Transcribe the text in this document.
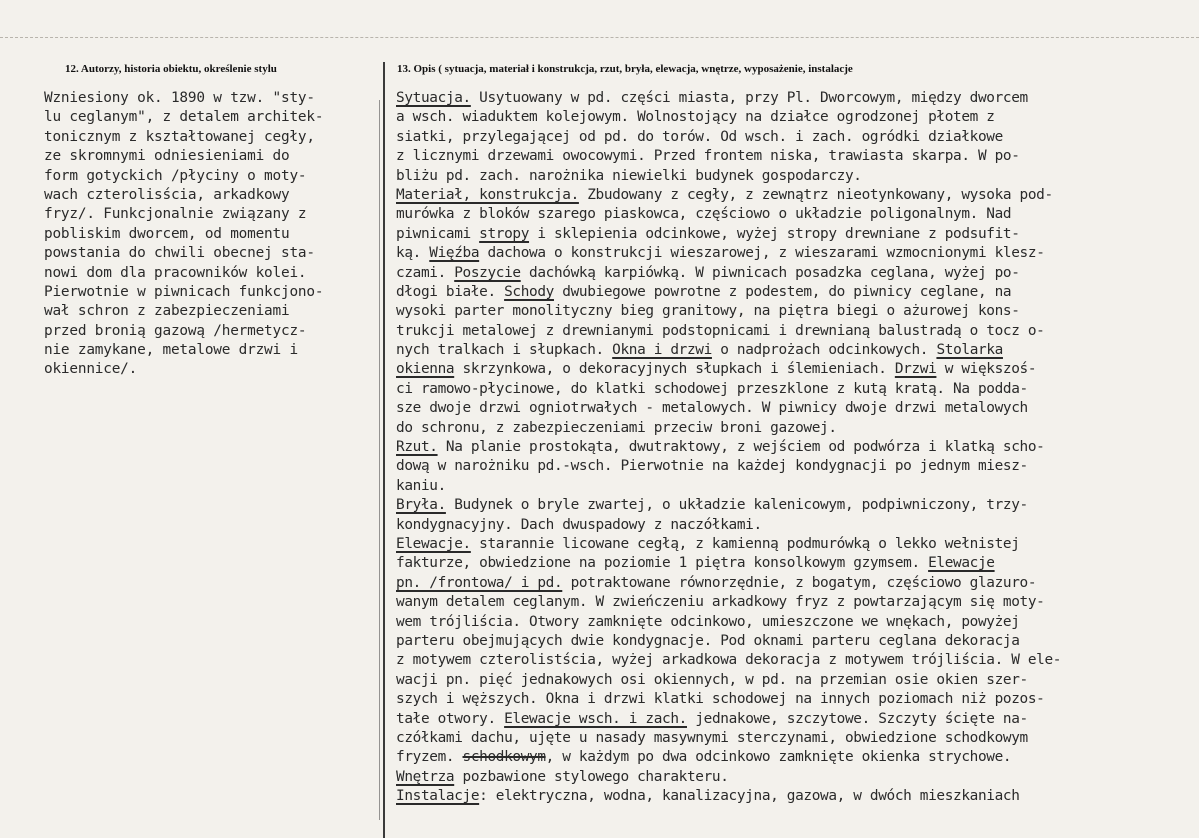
12. Autorzy, historia obiektu, określenie stylu	13. Opis ( sytuacja, materiał i konstrukcja, rzut, bryła, elewacja, wnętrze, wyposażenie, instalacje
Wzniesiony ok. 1890 w tzw. "sty-
lu ceglanym", z detalem architek-
tonicznym z kształtowanej cegły,
ze skromnymi odniesieniami do
form gotyckich /płyciny o moty-
wach czterolisścia, arkadkowy
fryz/. Funkcjonalnie związany z
pobliskim dworcem, od momentu
powstania do chwili obecnej sta-
nowi dom dla pracowników kolei.
Pierwotnie w piwnicach funkcjono-
wał schron z zabezpieczeniami
przed bronią gazową /hermetycz-
nie zamykane, metalowe drzwi i
okiennice/.
Sytuacja. Usytuowany w pd. części miasta, przy Pl. Dworcowym, między dworcem
a wsch. wiaduktem kolejowym. Wolnostojący na działce ogrodzonej płotem z
siatki, przylegającej od pd. do torów. Od wsch. i zach. ogródki działkowe
z licznymi drzewami owocowymi. Przed frontem niska, trawiasta skarpa. W po-
bliżu pd. zach. narożnika niewielki budynek gospodarczy.
Materiał, konstrukcja. Zbudowany z cegły, z zewnątrz nieotynkowany, wysoka pod-
murówka z bloków szarego piaskowca, częściowo o układzie poligonalnym. Nad
piwnicami stropy i sklepienia odcinkowe, wyżej stropy drewniane z podsufit-
ką. Więźba dachowa o konstrukcji wieszarowej, z wieszarami wzmocnionymi klesz-
czami. Poszycie dachówką karpiówką. W piwnicach posadzka ceglana, wyżej po-
dłogi białe. Schody dwubiegowe powrotne z podestem, do piwnicy ceglane, na
wysoki parter monolityczny bieg granitowy, na piętra biegi o ażurowej kons-
trukcji metalowej z drewnianymi podstopnicami i drewnianą balustradą o tocz o-
nych tralkach i słupkach. Okna i drzwi o nadprożach odcinkowych. Stolarka
okienna skrzynkowa, o dekoracyjnych słupkach i ślemieniach. Drzwi w większoś-
ci ramowo-płycinowe, do klatki schodowej przeszklone z kutą kratą. Na podda-
sze dwoje drzwi ogniotrwałych - metalowych. W piwnicy dwoje drzwi metalowych
do schronu, z zabezpieczeniami przeciw broni gazowej.
Rzut. Na planie prostokąta, dwutraktowy, z wejściem od podwórza i klatką scho-
dową w narożniku pd.-wsch. Pierwotnie na każdej kondygnacji po jednym miesz-
kaniu.
Bryła. Budynek o bryle zwartej, o układzie kalenicowym, podpiwniczony, trzy-
kondygnacyjny. Dach dwuspadowy z naczółkami.
Elewacje. starannie licowane cegłą, z kamienną podmurówką o lekko wełnistej
fakturze, obwiedzione na poziomie 1 piętra konsolkowym gzymsem. Elewacje
pn. /frontowa/ i pd. potraktowane równorzędnie, z bogatym, częściowo glazuro-
wanym detalem ceglanym. W zwieńczeniu arkadkowy fryz z powtarzającym się moty-
wem trójliścia. Otwory zamknięte odcinkowo, umieszczone we wnękach, powyżej
parteru obejmujących dwie kondygnacje. Pod oknami parteru ceglana dekoracja
z motywem czterolistścia, wyżej arkadkowa dekoracja z motywem trójliścia. W ele-
wacji pn. pięć jednakowych osi okiennych, w pd. na przemian osie okien szer-
szych i węższych. Okna i drzwi klatki schodowej na innych poziomach niż pozos-
tałe otwory. Elewacje wsch. i zach. jednakowe, szczytowe. Szczyty ścięte na-
czółkami dachu, ujęte u nasady masywnymi sterczynami, obwiedzione schodkowym
fryzem. schodkowym, w każdym po dwa odcinkowo zamknięte okienka strychowe.
Wnętrza pozbawione stylowego charakteru.
Instalacje: elektryczna, wodna, kanalizacyjna, gazowa, w dwóch mieszkaniach
